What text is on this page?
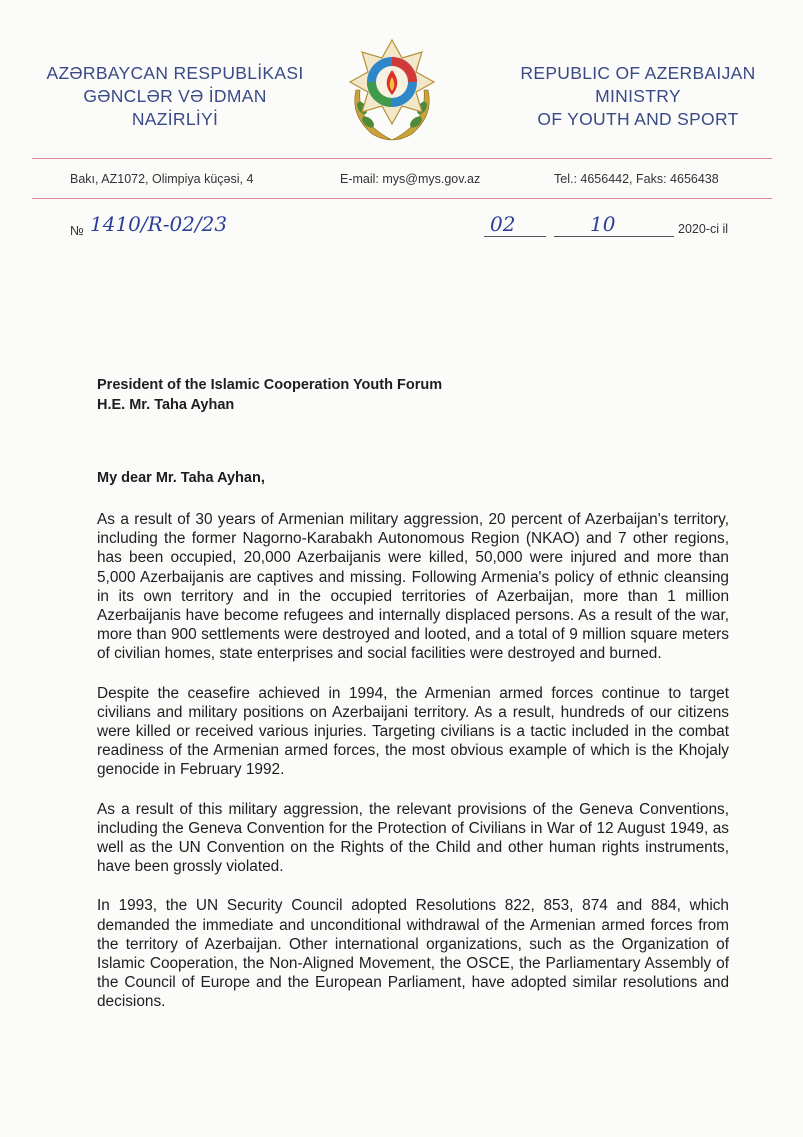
AZƏRBAYCAN RESPUBLİKASI
GƏNCLƏR VƏ İDMAN
NAZİRLİYİ
REPUBLIC OF AZERBAIJAN
MINISTRY
OF YOUTH AND SPORT
Bakı, AZ1072, Olimpiya küçəsi, 4	E-mail: mys@mys.gov.az	Tel.: 4656442, Faks: 4656438
№ 1410/R-02/23	02	10	2020-ci il
President of the Islamic Cooperation Youth Forum
H.E. Mr. Taha Ayhan
My dear Mr. Taha Ayhan,

As a result of 30 years of Armenian military aggression, 20 percent of Azerbaijan's territory, including the former Nagorno-Karabakh Autonomous Region (NKAO) and 7 other regions, has been occupied, 20,000 Azerbaijanis were killed, 50,000 were injured and more than 5,000 Azerbaijanis are captives and missing. Following Armenia's policy of ethnic cleansing in its own territory and in the occupied territories of Azerbaijan, more than 1 million Azerbaijanis have become refugees and internally displaced persons. As a result of the war, more than 900 settlements were destroyed and looted, and a total of 9 million square meters of civilian homes, state enterprises and social facilities were destroyed and burned.

Despite the ceasefire achieved in 1994, the Armenian armed forces continue to target civilians and military positions on Azerbaijani territory. As a result, hundreds of our citizens were killed or received various injuries. Targeting civilians is a tactic included in the combat readiness of the Armenian armed forces, the most obvious example of which is the Khojaly genocide in February 1992.

As a result of this military aggression, the relevant provisions of the Geneva Conventions, including the Geneva Convention for the Protection of Civilians in War of 12 August 1949, as well as the UN Convention on the Rights of the Child and other human rights instruments, have been grossly violated.

In 1993, the UN Security Council adopted Resolutions 822, 853, 874 and 884, which demanded the immediate and unconditional withdrawal of the Armenian armed forces from the territory of Azerbaijan. Other international organizations, such as the Organization of Islamic Cooperation, the Non-Aligned Movement, the OSCE, the Parliamentary Assembly of the Council of Europe and the European Parliament, have adopted similar resolutions and decisions.
